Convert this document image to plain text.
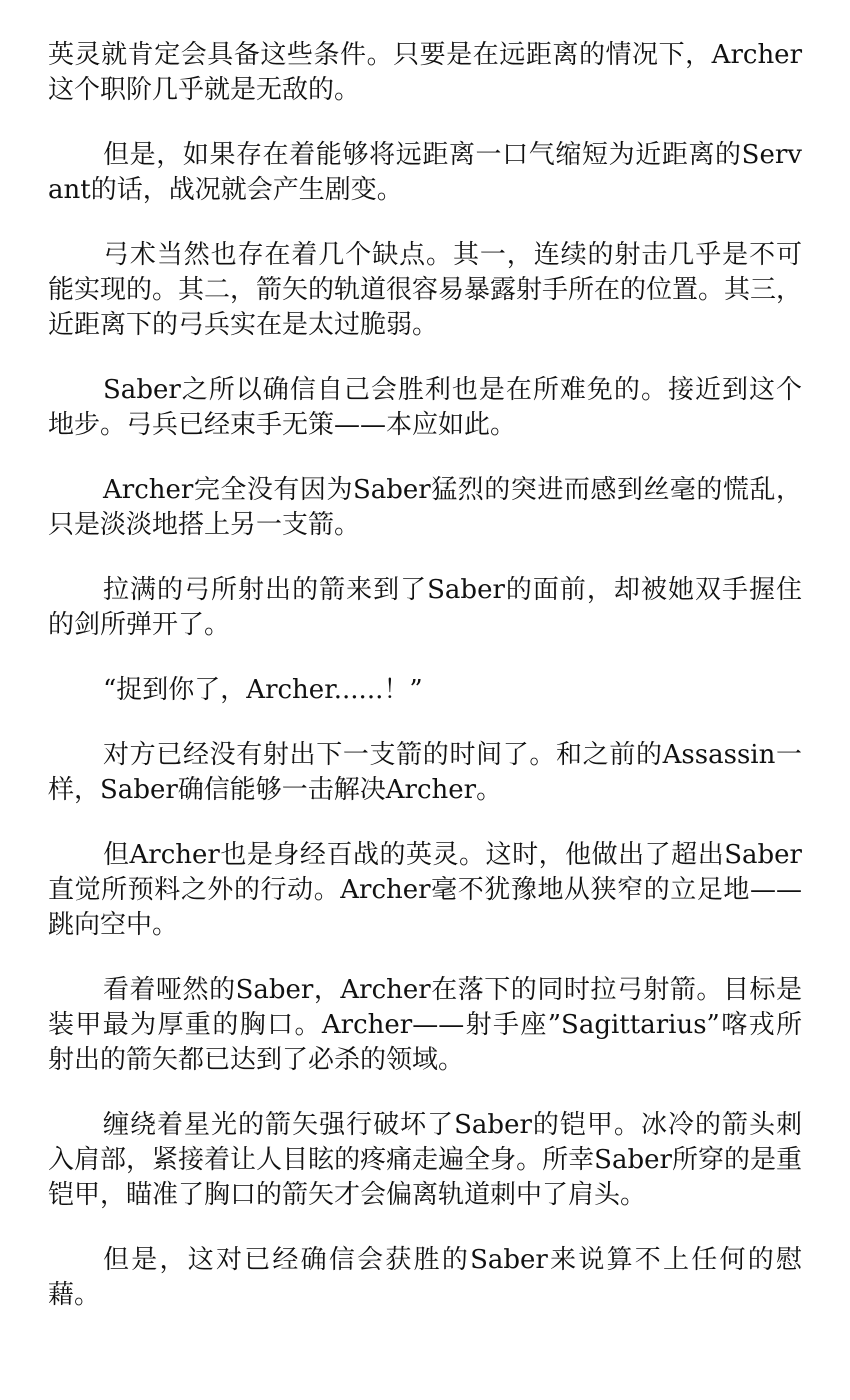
英灵就肯定会具备这些条件。只要是在远距离的情况下，Archer这个职阶几乎就是无敌的。

但是，如果存在着能够将远距离一口气缩短为近距离的Servant的话，战况就会产生剧变。

弓术当然也存在着几个缺点。其一，连续的射击几乎是不可能实现的。其二，箭矢的轨道很容易暴露射手所在的位置。其三，近距离下的弓兵实在是太过脆弱。

Saber之所以确信自己会胜利也是在所难免的。接近到这个地步。弓兵已经束手无策——本应如此。

Archer完全没有因为Saber猛烈的突进而感到丝毫的慌乱，只是淡淡地搭上另一支箭。

拉满的弓所射出的箭来到了Saber的面前，却被她双手握住的剑所弹开了。

“捉到你了，Archer......！”

对方已经没有射出下一支箭的时间了。和之前的Assassin一样，Saber确信能够一击解决Archer。

但Archer也是身经百战的英灵。这时，他做出了超出Saber直觉所预料之外的行动。Archer毫不犹豫地从狭窄的立足地——跳向空中。

看着哑然的Saber，Archer在落下的同时拉弓射箭。目标是装甲最为厚重的胸口。Archer——射手座”Sagittarius”喀戎所射出的箭矢都已达到了必杀的领域。

缠绕着星光的箭矢强行破坏了Saber的铠甲。冰冷的箭头刺入肩部，紧接着让人目眩的疼痛走遍全身。所幸Saber所穿的是重铠甲，瞄准了胸口的箭矢才会偏离轨道刺中了肩头。

但是，这对已经确信会获胜的Saber来说算不上任何的慰藉。
